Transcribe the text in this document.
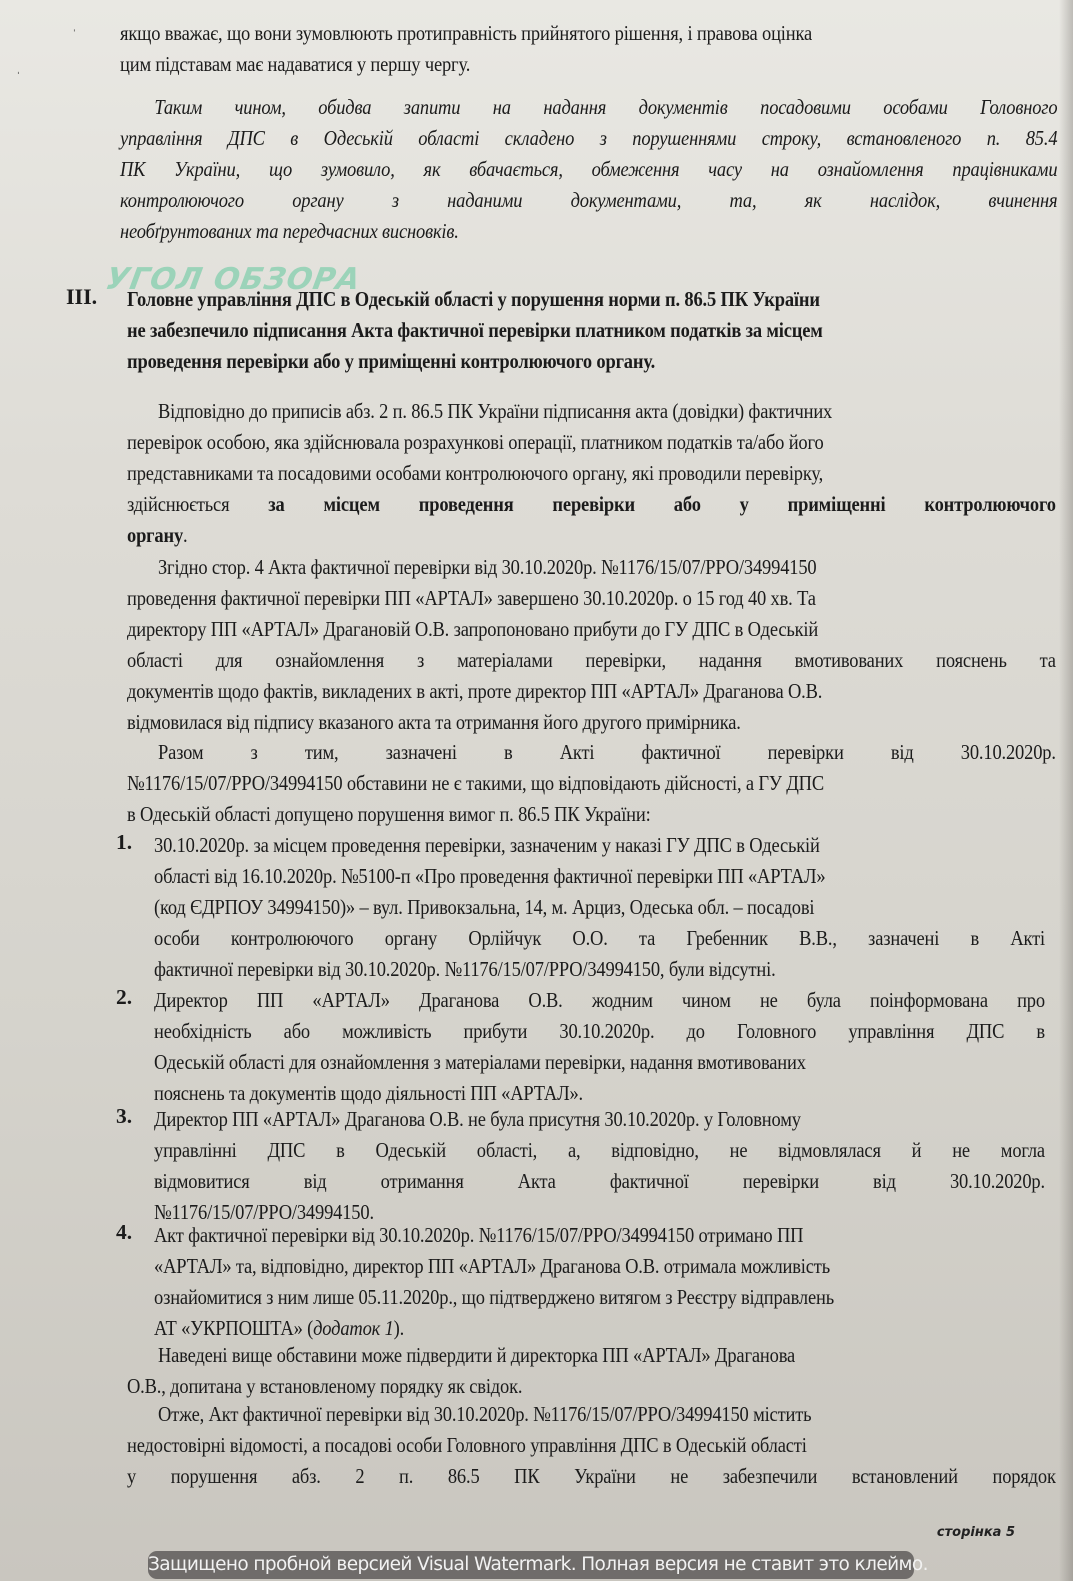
ˈ
ˌ
якщо вважає, що вони зумовлюють протиправність прийнятого рішення, і правова оцінка
цим підставам має надаватися у першу чергу.
Таким чином, обидва запити на надання документів посадовими особами Головного
управління ДПС в Одеській області складено з порушеннями строку, встановленого п. 85.4
ПК України, що зумовило, як вбачається, обмеження часу на ознайомлення працівниками
контролюючого органу з наданими документами, та, як наслідок, вчинення
необґрунтованих та передчасних висновків.
УГОЛ ОБЗОРА
ІІІ. Головне управління ДПС в Одеській області у порушення норми п. 86.5 ПК України
не забезпечило підписання Акта фактичної перевірки платником податків за місцем
проведення перевірки або у приміщенні контролюючого органу.
Відповідно до приписів абз. 2 п. 86.5 ПК України підписання акта (довідки) фактичних
перевірок особою, яка здійснювала розрахункові операції, платником податків та/або його
представниками та посадовими особами контролюючого органу, які проводили перевірку,
здійснюється за місцем проведення перевірки або у приміщенні контролюючого
органу.
Згідно стор. 4 Акта фактичної перевірки від 30.10.2020р. №1176/15/07/РРО/34994150
проведення фактичної перевірки ПП «АРТАЛ» завершено 30.10.2020р. о 15 год 40 хв. Та
директору ПП «АРТАЛ» Драгановій О.В. запропоновано прибути до ГУ ДПС в Одеській
області для ознайомлення з матеріалами перевірки, надання вмотивованих пояснень та
документів щодо фактів, викладених в акті, проте директор ПП «АРТАЛ» Драганова О.В.
відмовилася від підпису вказаного акта та отримання його другого примірника.
Разом з тим, зазначені в Акті фактичної перевірки від 30.10.2020р.
№1176/15/07/РРО/34994150 обставини не є такими, що відповідають дійсності, а ГУ ДПС
в Одеській області допущено порушення вимог п. 86.5 ПК України:
1. 30.10.2020р. за місцем проведення перевірки, зазначеним у наказі ГУ ДПС в Одеській
області від 16.10.2020р. №5100-п «Про проведення фактичної перевірки ПП «АРТАЛ»
(код ЄДРПОУ 34994150)» – вул. Привокзальна, 14, м. Арциз, Одеська обл. – посадові
особи контролюючого органу Орлійчук О.О. та Гребенник В.В., зазначені в Акті
фактичної перевірки від 30.10.2020р. №1176/15/07/РРО/34994150, були відсутні.
2. Директор ПП «АРТАЛ» Драганова О.В. жодним чином не була поінформована про
необхідність або можливість прибути 30.10.2020р. до Головного управління ДПС в
Одеській області для ознайомлення з матеріалами перевірки, надання вмотивованих
пояснень та документів щодо діяльності ПП «АРТАЛ».
3. Директор ПП «АРТАЛ» Драганова О.В. не була присутня 30.10.2020р. у Головному
управлінні ДПС в Одеській області, а, відповідно, не відмовлялася й не могла
відмовитися від отримання Акта фактичної перевірки від 30.10.2020р.
№1176/15/07/РРО/34994150.
4. Акт фактичної перевірки від 30.10.2020р. №1176/15/07/РРО/34994150 отримано ПП
«АРТАЛ» та, відповідно, директор ПП «АРТАЛ» Драганова О.В. отримала можливість
ознайомитися з ним лише 05.11.2020р., що підтверджено витягом з Реєстру відправлень
АТ «УКРПОШТА» (додаток 1).
Наведені вище обставини може підвердити й директорка ПП «АРТАЛ» Драганова
О.В., допитана у встановленому порядку як свідок.
Отже, Акт фактичної перевірки від 30.10.2020р. №1176/15/07/РРО/34994150 містить
недостовірні відомості, а посадові особи Головного управління ДПС в Одеській області
у порушення абз. 2 п. 86.5 ПК України не забезпечили встановлений порядок
сторінка 5
Защищено пробной версией Visual Watermark. Полная версия не ставит это клеймо.
